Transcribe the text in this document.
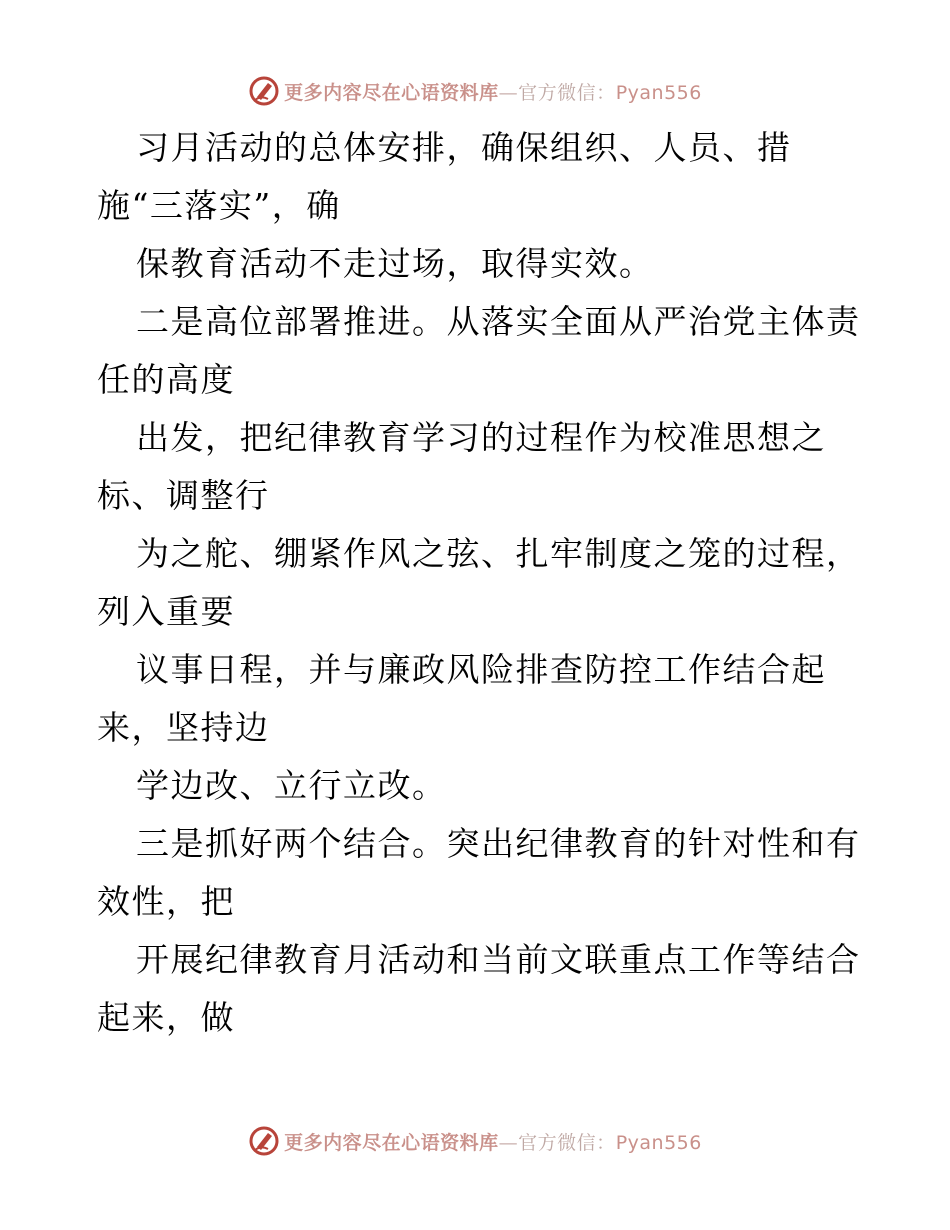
更多内容尽在心语资料库—官方微信：Pyan556
习月活动的总体安排，确保组织、人员、措
施“三落实”，确
保教育活动不走过场，取得实效。
二是高位部署推进。从落实全面从严治党主体责
任的高度
出发，把纪律教育学习的过程作为校准思想之
标、调整行
为之舵、绷紧作风之弦、扎牢制度之笼的过程，
列入重要
议事日程，并与廉政风险排查防控工作结合起
来，坚持边
学边改、立行立改。
三是抓好两个结合。突出纪律教育的针对性和有
效性，把
开展纪律教育月活动和当前文联重点工作等结合
起来，做
更多内容尽在心语资料库—官方微信：Pyan556
